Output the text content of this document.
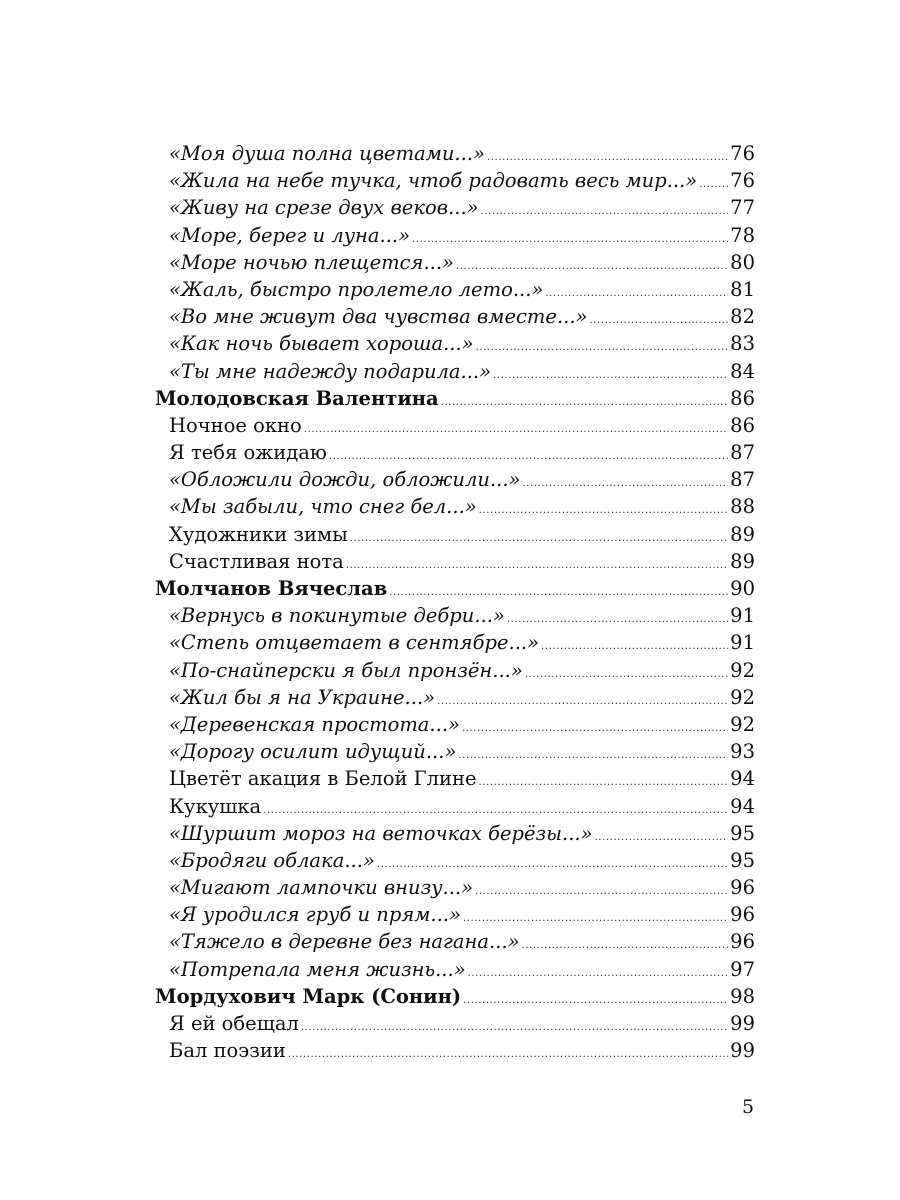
«Моя душа полна цветами...» .....	76
«Жила на небе тучка, чтоб радовать весь мир...» ..... 76
«Живу на срезе двух веков...» .....	77
«Море, берег и луна...» .....	78
«Море ночью плещется...» .....	80
«Жаль, быстро пролетело лето...» .....	81
«Во мне живут два чувства вместе...» .....	82
«Как ночь бывает хороша...» .....	83
«Ты мне надежду подарила...» .....	84
Молодовская Валентина .....	86
Ночное окно .....	86
Я тебя ожидаю .....	87
«Обложили дожди, обложили...» .....	87
«Мы забыли, что снег бел...» .....	88
Художники зимы .....	89
Счастливая нота .....	89
Молчанов Вячеслав .....	90
«Вернусь в покинутые дебри...» .....	91
«Степь отцветает в сентябре...» .....	91
«По-снайперски я был пронзён...» .....	92
«Жил бы я на Украине...» .....	92
«Деревенская простота...» .....	92
«Дорогу осилит идущий...» .....	93
Цветёт акация в Белой Глине .....	94
Кукушка .....	94
«Шуршит мороз на веточках берёзы...» .....	95
«Бродяги облака...» .....	95
«Мигают лампочки внизу...» .....	96
«Я уродился груб и прям...» .....	96
«Тяжело в деревне без нагана...» .....	96
«Потрепала меня жизнь...» .....	97
Мордухович Марк (Сонин) .....	98
Я ей обещал .....	99
Бал поэзии .....	99
5
